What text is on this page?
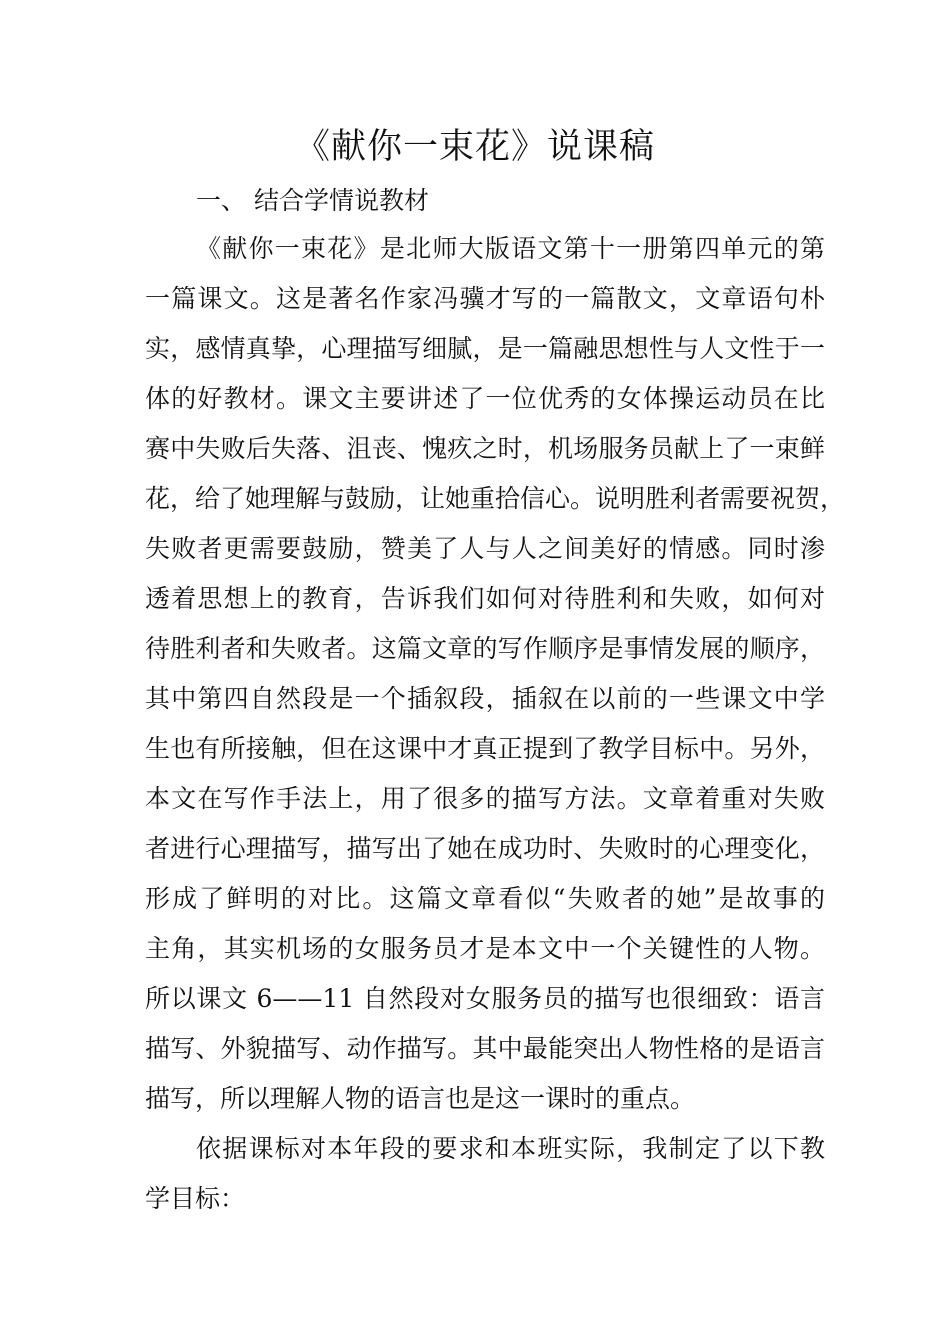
《献你一束花》说课稿
一、 结合学情说教材
《献你一束花》是北师大版语文第十一册第四单元的第
一篇课文。这是著名作家冯骥才写的一篇散文，文章语句朴
实，感情真挚，心理描写细腻，是一篇融思想性与人文性于一
体的好教材。课文主要讲述了一位优秀的女体操运动员在比
赛中失败后失落、沮丧、愧疚之时，机场服务员献上了一束鲜
花，给了她理解与鼓励，让她重拾信心。说明胜利者需要祝贺，
失败者更需要鼓励，赞美了人与人之间美好的情感。同时渗
透着思想上的教育，告诉我们如何对待胜利和失败，如何对
待胜利者和失败者。这篇文章的写作顺序是事情发展的顺序，
其中第四自然段是一个插叙段，插叙在以前的一些课文中学
生也有所接触，但在这课中才真正提到了教学目标中。另外，
本文在写作手法上，用了很多的描写方法。文章着重对失败
者进行心理描写，描写出了她在成功时、失败时的心理变化，
形成了鲜明的对比。这篇文章看似“失败者的她”是故事的
主角，其实机场的女服务员才是本文中一个关键性的人物。
所以课文 6——11 自然段对女服务员的描写也很细致：语言
描写、外貌描写、动作描写。其中最能突出人物性格的是语言
描写，所以理解人物的语言也是这一课时的重点。
依据课标对本年段的要求和本班实际，我制定了以下教
学目标：
